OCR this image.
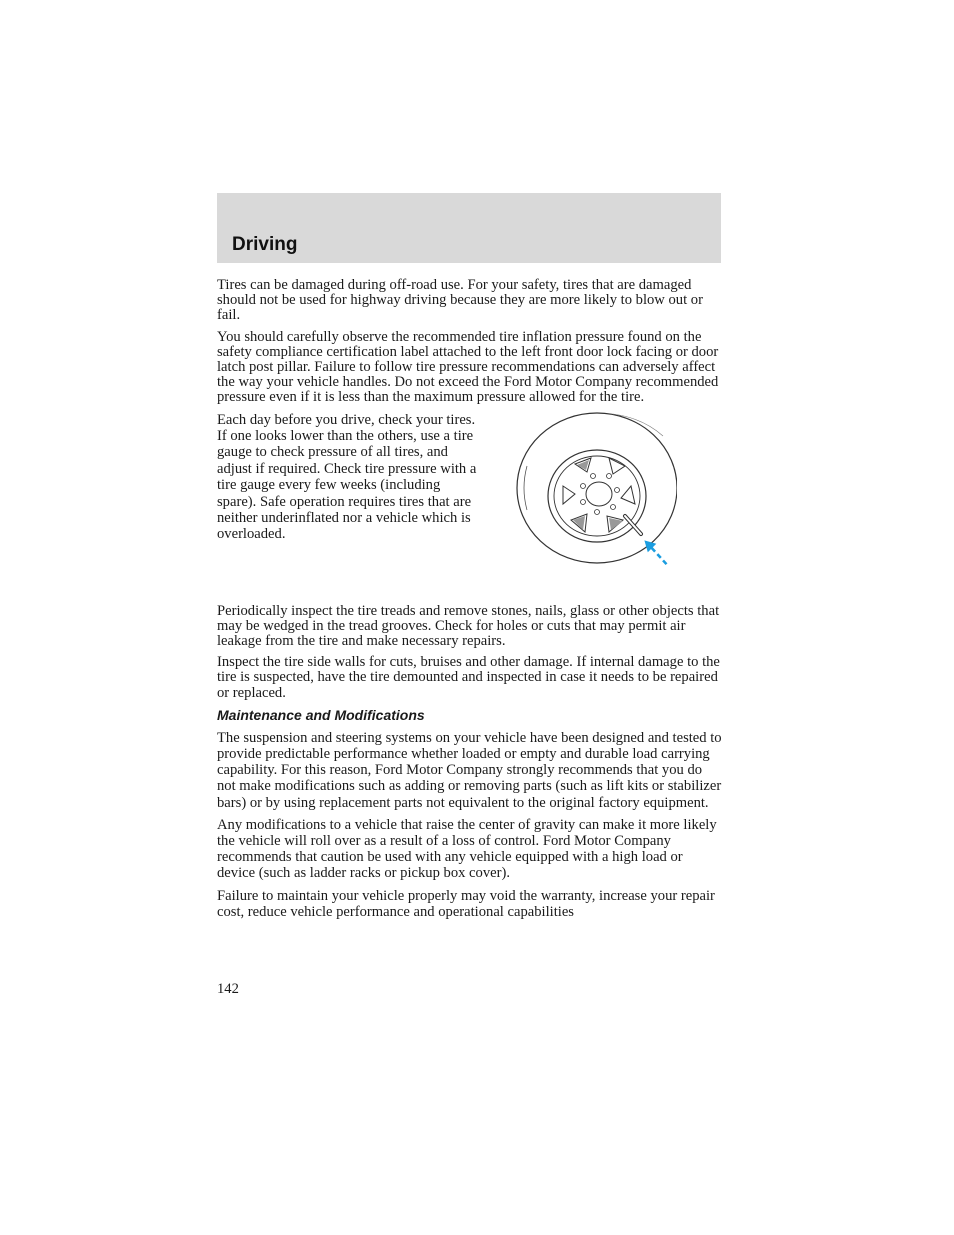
Driving

Tires can be damaged during off-road use. For your safety, tires that are damaged should not be used for highway driving because they are more likely to blow out or fail.

You should carefully observe the recommended tire inflation pressure found on the safety compliance certification label attached to the left front door lock facing or door latch post pillar. Failure to follow tire pressure recommendations can adversely affect the way your vehicle handles. Do not exceed the Ford Motor Company recommended pressure even if it is less than the maximum pressure allowed for the tire.

Each day before you drive, check your tires. If one looks lower than the others, use a tire gauge to check pressure of all tires, and adjust if required. Check tire pressure with a tire gauge every few weeks (including spare). Safe operation requires tires that are neither underinflated nor a vehicle which is overloaded.

Periodically inspect the tire treads and remove stones, nails, glass or other objects that may be wedged in the tread grooves. Check for holes or cuts that may permit air leakage from the tire and make necessary repairs.

Inspect the tire side walls for cuts, bruises and other damage. If internal damage to the tire is suspected, have the tire demounted and inspected in case it needs to be repaired or replaced.

Maintenance and Modifications

The suspension and steering systems on your vehicle have been designed and tested to provide predictable performance whether loaded or empty and durable load carrying capability. For this reason, Ford Motor Company strongly recommends that you do not make modifications such as adding or removing parts (such as lift kits or stabilizer bars) or by using replacement parts not equivalent to the original factory equipment.

Any modifications to a vehicle that raise the center of gravity can make it more likely the vehicle will roll over as a result of a loss of control. Ford Motor Company recommends that caution be used with any vehicle equipped with a high load or device (such as ladder racks or pickup box cover).

Failure to maintain your vehicle properly may void the warranty, increase your repair cost, reduce vehicle performance and operational capabilities

142
